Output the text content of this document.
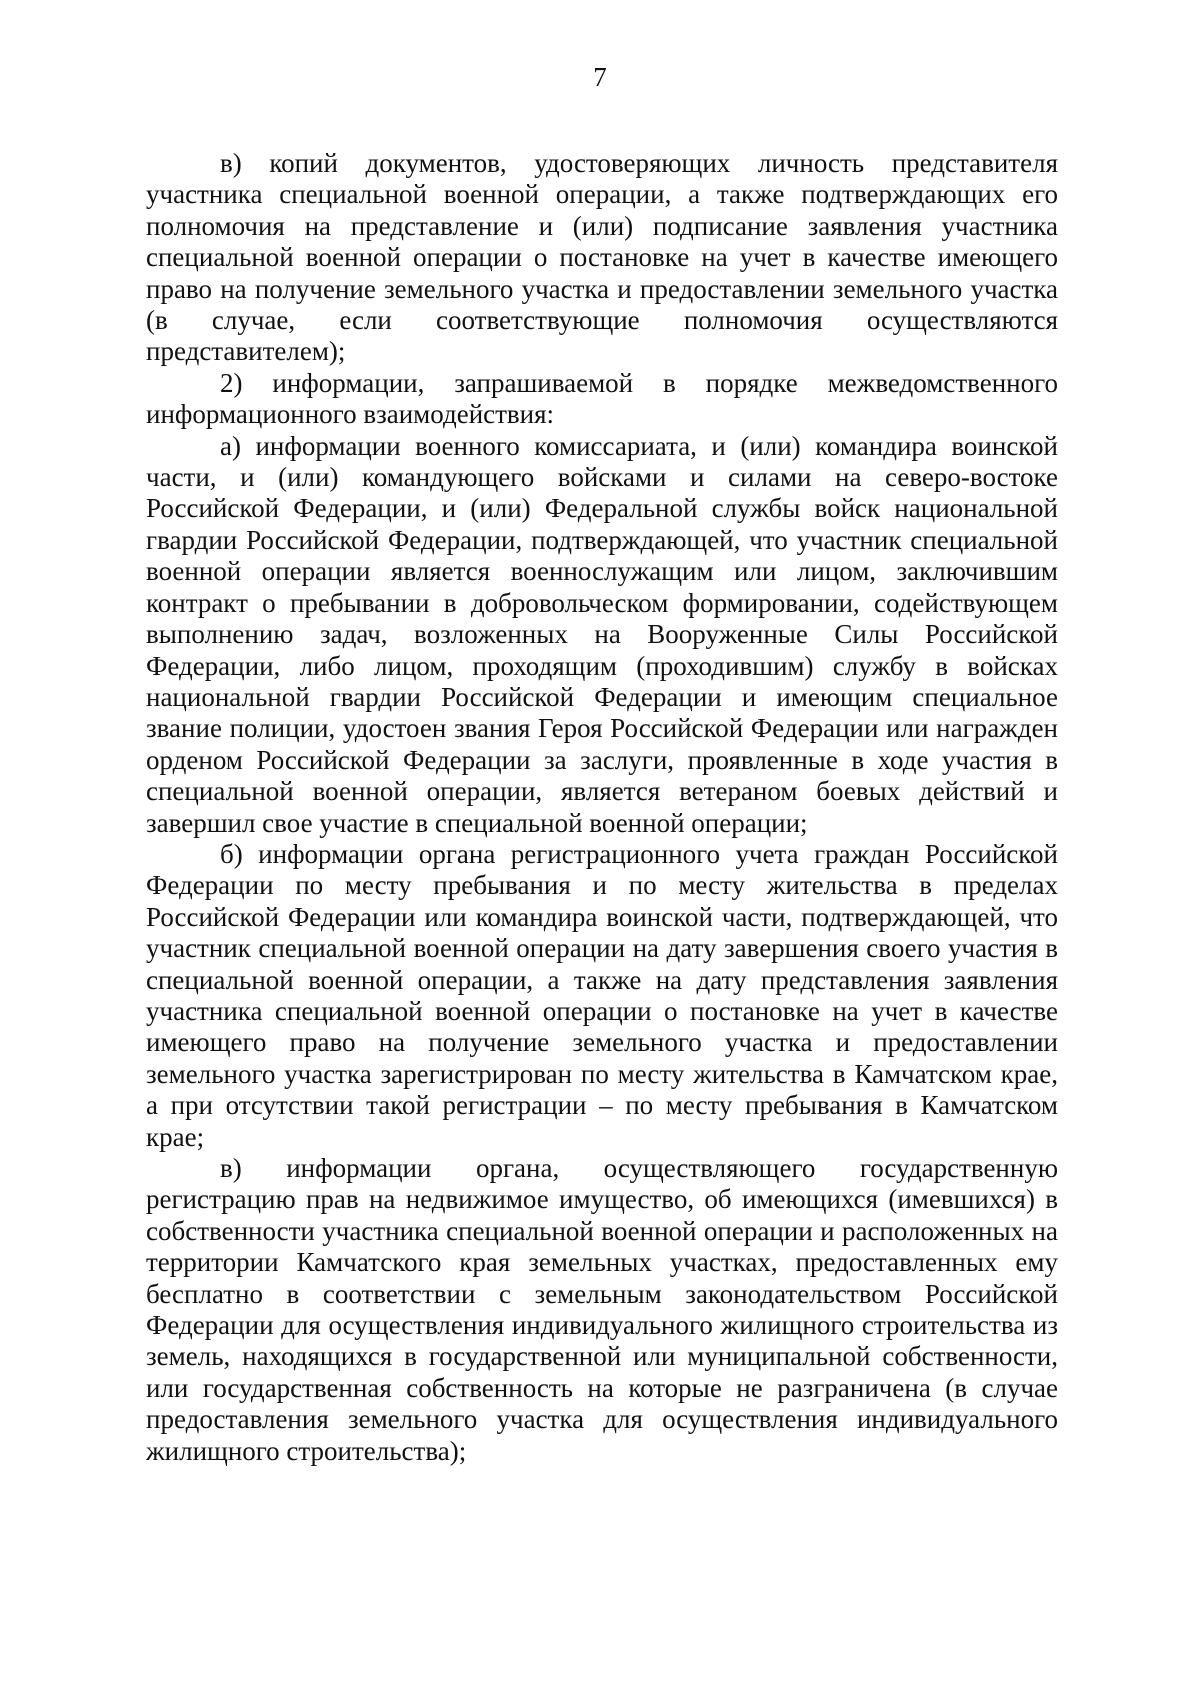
7

в) копий документов, удостоверяющих личность представителя участника специальной военной операции, а также подтверждающих его полномочия на представление и (или) подписание заявления участника специальной военной операции о постановке на учет в качестве имеющего право на получение земельного участка и предоставлении земельного участка (в случае, если соответствующие полномочия осуществляются представителем);

2) информации, запрашиваемой в порядке межведомственного информационного взаимодействия:

а) информации военного комиссариата, и (или) командира воинской части, и (или) командующего войсками и силами на северо-востоке Российской Федерации, и (или) Федеральной службы войск национальной гвардии Российской Федерации, подтверждающей, что участник специальной военной операции является военнослужащим или лицом, заключившим контракт о пребывании в добровольческом формировании, содействующем выполнению задач, возложенных на Вооруженные Силы Российской Федерации, либо лицом, проходящим (проходившим) службу в войсках национальной гвардии Российской Федерации и имеющим специальное звание полиции, удостоен звания Героя Российской Федерации или награжден орденом Российской Федерации за заслуги, проявленные в ходе участия в специальной военной операции, является ветераном боевых действий и завершил свое участие в специальной военной операции;

б) информации органа регистрационного учета граждан Российской Федерации по месту пребывания и по месту жительства в пределах Российской Федерации или командира воинской части, подтверждающей, что участник специальной военной операции на дату завершения своего участия в специальной военной операции, а также на дату представления заявления участника специальной военной операции о постановке на учет в качестве имеющего право на получение земельного участка и предоставлении земельного участка зарегистрирован по месту жительства в Камчатском крае, а при отсутствии такой регистрации – по месту пребывания в Камчатском крае;

в) информации органа, осуществляющего государственную регистрацию прав на недвижимое имущество, об имеющихся (имевшихся) в собственности участника специальной военной операции и расположенных на территории Камчатского края земельных участках, предоставленных ему бесплатно в соответствии с земельным законодательством Российской Федерации для осуществления индивидуального жилищного строительства из земель, находящихся в государственной или муниципальной собственности, или государственная собственность на которые не разграничена (в случае предоставления земельного участка для осуществления индивидуального жилищного строительства);
